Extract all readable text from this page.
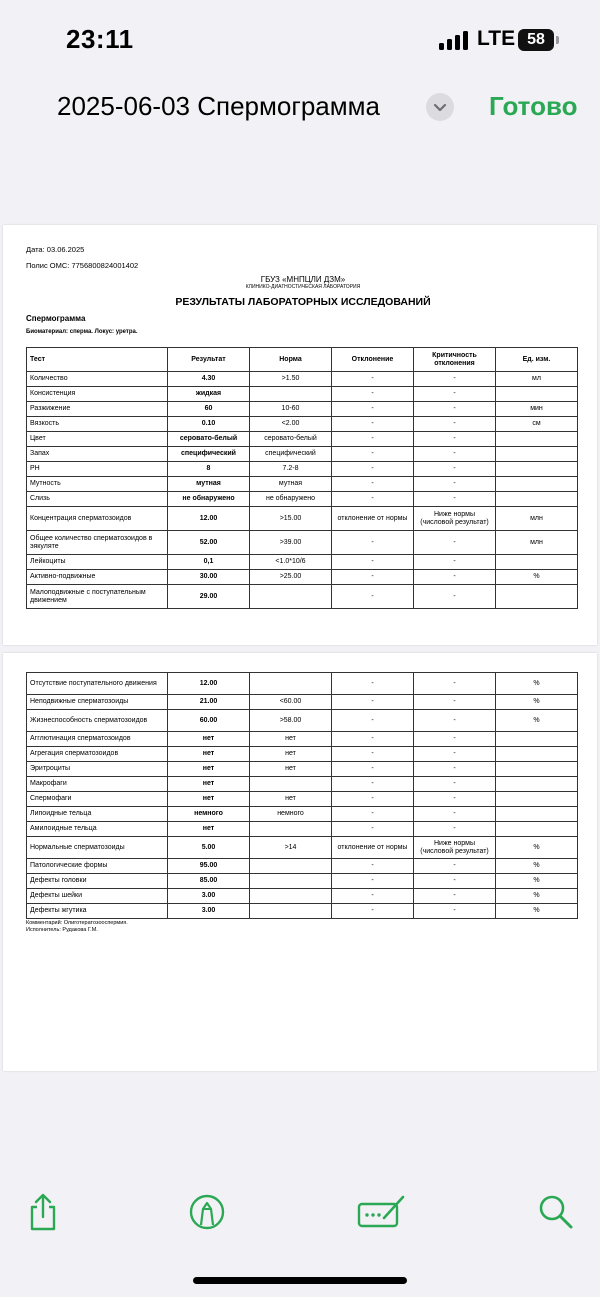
23:11	LTE 58
2025-06-03 Спермограмма	Готово
Дата: 03.06.2025
Полис ОМС: 7756800824001402
ГБУЗ «МНПЦЛИ ДЗМ»
КЛИНИКО-ДИАГНОСТИЧЕСКАЯ ЛАБОРАТОРИЯ
РЕЗУЛЬТАТЫ ЛАБОРАТОРНЫХ ИССЛЕДОВАНИЙ
Спермограмма
Биоматериал: сперма. Локус: уретра.
Тест	Результат	Норма	Отклонение	Критичность отклонения	Ед. изм.
Количество	4.30	>1.50	-	-	мл
Консистенция	жидкая		-	-	
Разжижение	60	10-60	-	-	мин
Вязкость	0.10	<2.00	-	-	см
Цвет	серовато-белый	серовато-белый	-	-	
Запах	специфический	специфический	-	-	
PH	8	7.2-8	-	-	
Мутность	мутная	мутная	-	-	
Слизь	не обнаружено	не обнаружено	-	-	
Концентрация сперматозоидов	12.00	>15.00	отклонение от нормы	Ниже нормы (числовой результат)	млн
Общее количество сперматозоидов в эякуляте	52.00	>39.00	-	-	млн
Лейкоциты	0,1	<1.0*10/6	-	-	
Активно-подвижные	30.00	>25.00	-	-	%
Малоподвижные с поступательным движением	29.00		-	-	
Отсутствие поступательного движения	12.00		-	-	%
Неподвижные сперматозоиды	21.00	<60.00	-	-	%
Жизнеспособность сперматозоидов	60.00	>58.00	-	-	%
Агглютинация сперматозоидов	нет	нет	-	-	
Агрегация сперматозоидов	нет	нет	-	-	
Эритроциты	нет	нет	-	-	
Макрофаги	нет		-	-	
Спермофаги	нет	нет	-	-	
Липоидные тельца	немного	немного	-	-	
Амилоидные тельца	нет		-	-	
Нормальные сперматозоиды	5.00	>14	отклонение от нормы	Ниже нормы (числовой результат)	%
Патологические формы	95.00		-	-	%
Дефекты головки	85.00		-	-	%
Дефекты шейки	3.00		-	-	%
Дефекты жгутика	3.00		-	-	%
Комментарий: Олиготератозооспермия.
Исполнитель: Рудакова Г.М.
